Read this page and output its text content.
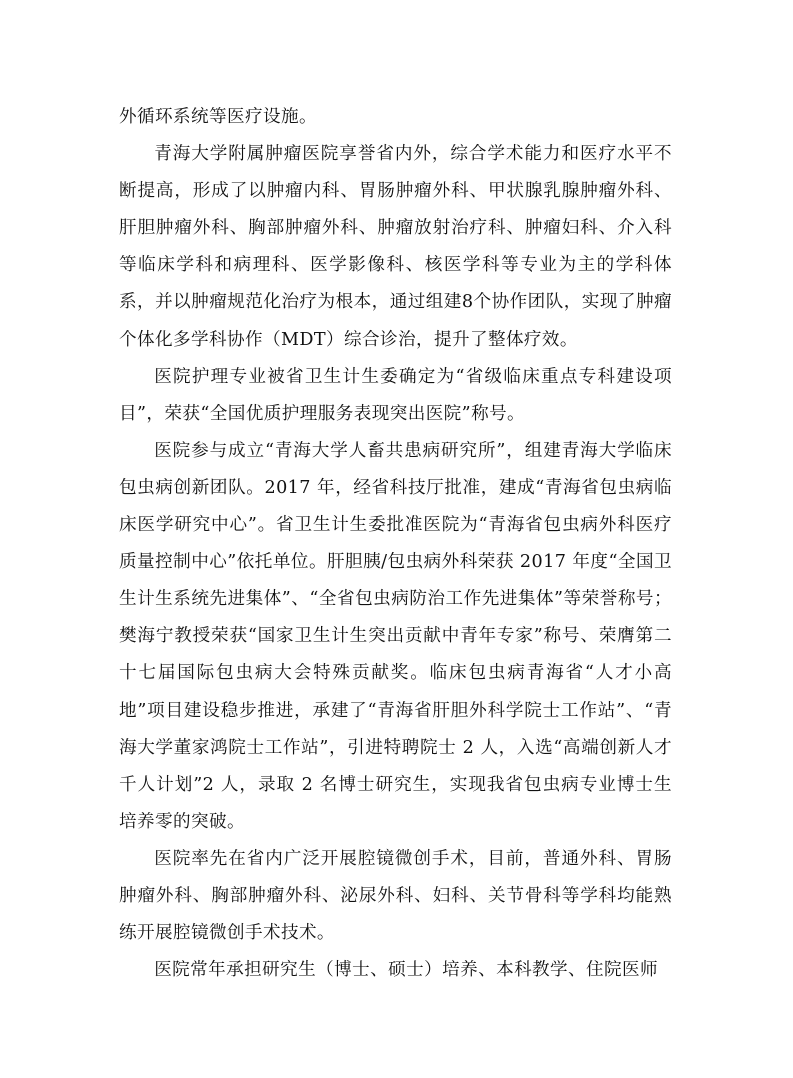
外循环系统等医疗设施。

青海大学附属肿瘤医院享誉省内外，综合学术能力和医疗水平不断提高，形成了以肿瘤内科、胃肠肿瘤外科、甲状腺乳腺肿瘤外科、肝胆肿瘤外科、胸部肿瘤外科、肿瘤放射治疗科、肿瘤妇科、介入科等临床学科和病理科、医学影像科、核医学科等专业为主的学科体系，并以肿瘤规范化治疗为根本，通过组建8个协作团队，实现了肿瘤个体化多学科协作（MDT）综合诊治，提升了整体疗效。

医院护理专业被省卫生计生委确定为“省级临床重点专科建设项目”，荣获“全国优质护理服务表现突出医院”称号。

医院参与成立“青海大学人畜共患病研究所”，组建青海大学临床包虫病创新团队。2017 年，经省科技厅批准，建成“青海省包虫病临床医学研究中心”。省卫生计生委批准医院为“青海省包虫病外科医疗质量控制中心”依托单位。肝胆胰/包虫病外科荣获 2017 年度“全国卫生计生系统先进集体”、“全省包虫病防治工作先进集体”等荣誉称号；樊海宁教授荣获“国家卫生计生突出贡献中青年专家”称号、荣膺第二十七届国际包虫病大会特殊贡献奖。临床包虫病青海省“人才小高地”项目建设稳步推进，承建了“青海省肝胆外科学院士工作站”、“青海大学董家鸿院士工作站”，引进特聘院士 2 人，入选“高端创新人才千人计划”2 人，录取 2 名博士研究生，实现我省包虫病专业博士生培养零的突破。

医院率先在省内广泛开展腔镜微创手术，目前，普通外科、胃肠肿瘤外科、胸部肿瘤外科、泌尿外科、妇科、关节骨科等学科均能熟练开展腔镜微创手术技术。

医院常年承担研究生（博士、硕士）培养、本科教学、住院医师
